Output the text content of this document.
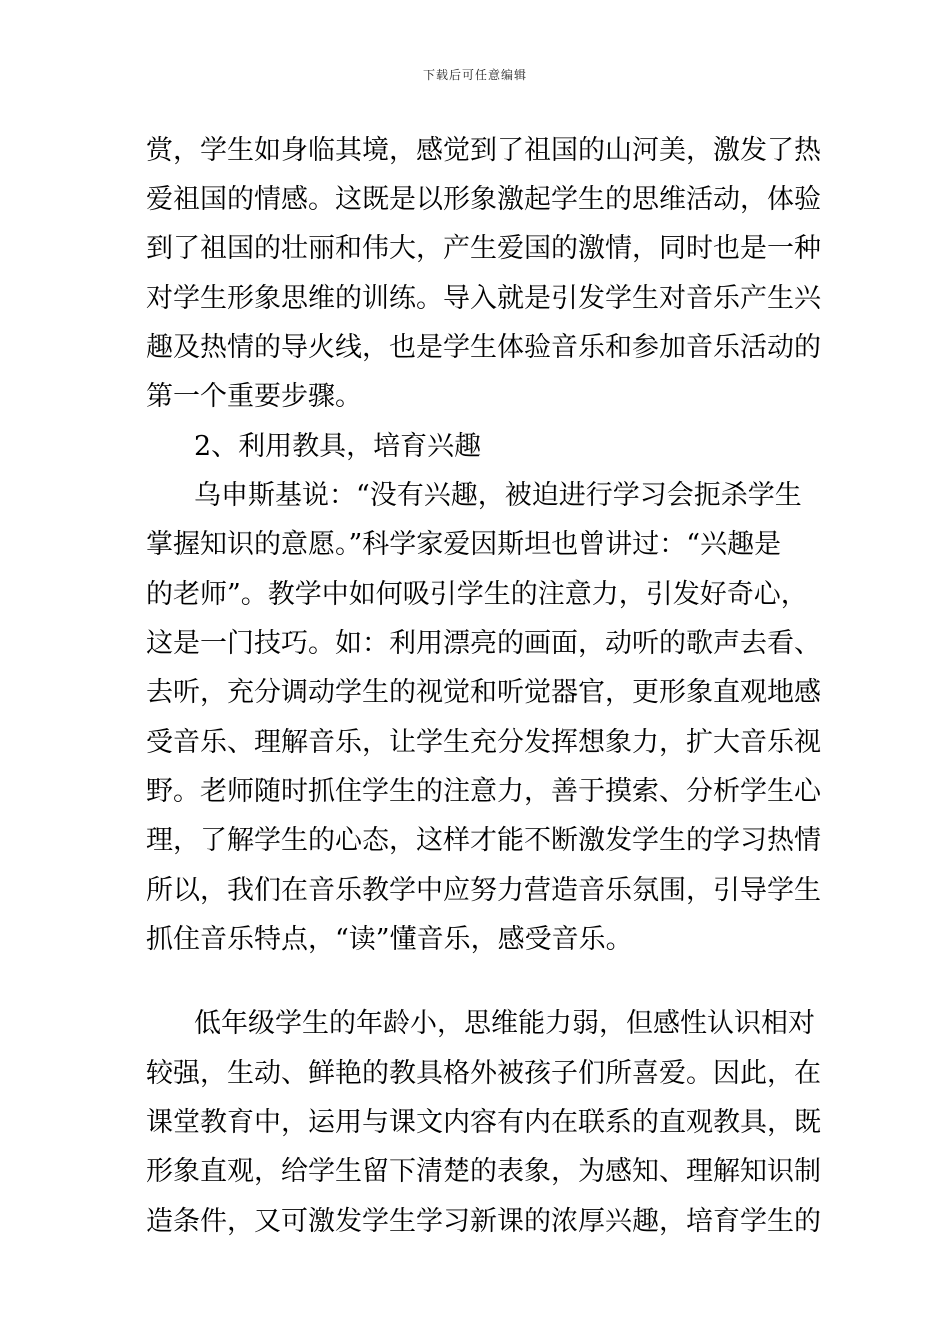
下载后可任意编辑
赏，学生如身临其境，感觉到了祖国的山河美，激发了热
爱祖国的情感。这既是以形象激起学生的思维活动，体验
到了祖国的壮丽和伟大，产生爱国的激情，同时也是一种
对学生形象思维的训练。导入就是引发学生对音乐产生兴
趣及热情的导火线，也是学生体验音乐和参加音乐活动的
第一个重要步骤。
2、利用教具，培育兴趣
乌申斯基说：“没有兴趣，被迫进行学习会扼杀学生
掌握知识的意愿。”科学家爱因斯坦也曾讲过：“兴趣是
的老师”。教学中如何吸引学生的注意力，引发好奇心，
这是一门技巧。如：利用漂亮的画面，动听的歌声去看、
去听，充分调动学生的视觉和听觉器官，更形象直观地感
受音乐、理解音乐，让学生充分发挥想象力，扩大音乐视
野。老师随时抓住学生的注意力，善于摸索、分析学生心
理，了解学生的心态，这样才能不断激发学生的学习热情
所以，我们在音乐教学中应努力营造音乐氛围，引导学生
抓住音乐特点，“读”懂音乐，感受音乐。
低年级学生的年龄小，思维能力弱，但感性认识相对
较强，生动、鲜艳的教具格外被孩子们所喜爱。因此，在
课堂教育中，运用与课文内容有内在联系的直观教具，既
形象直观，给学生留下清楚的表象，为感知、理解知识制
造条件，又可激发学生学习新课的浓厚兴趣，培育学生的
